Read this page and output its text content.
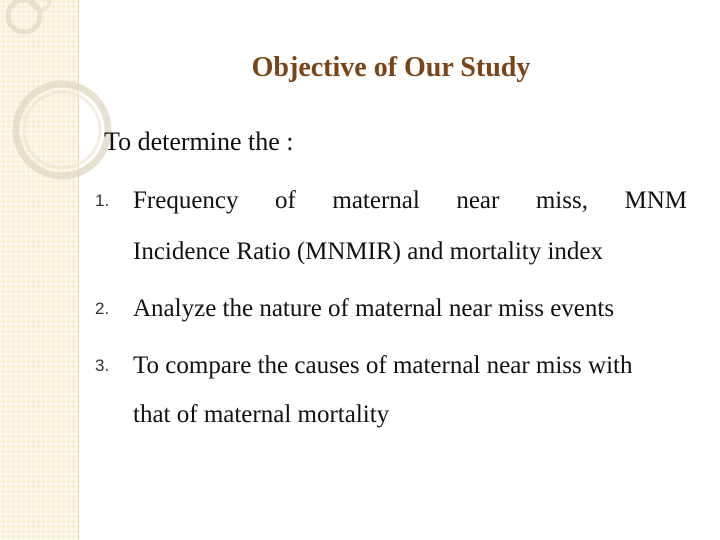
Objective of Our Study

To determine the :

1. Frequency of maternal near miss, MNM
Incidence Ratio (MNMIR) and mortality index
2. Analyze the nature of maternal near miss events
3. To compare the causes of maternal near miss with
that of maternal mortality
